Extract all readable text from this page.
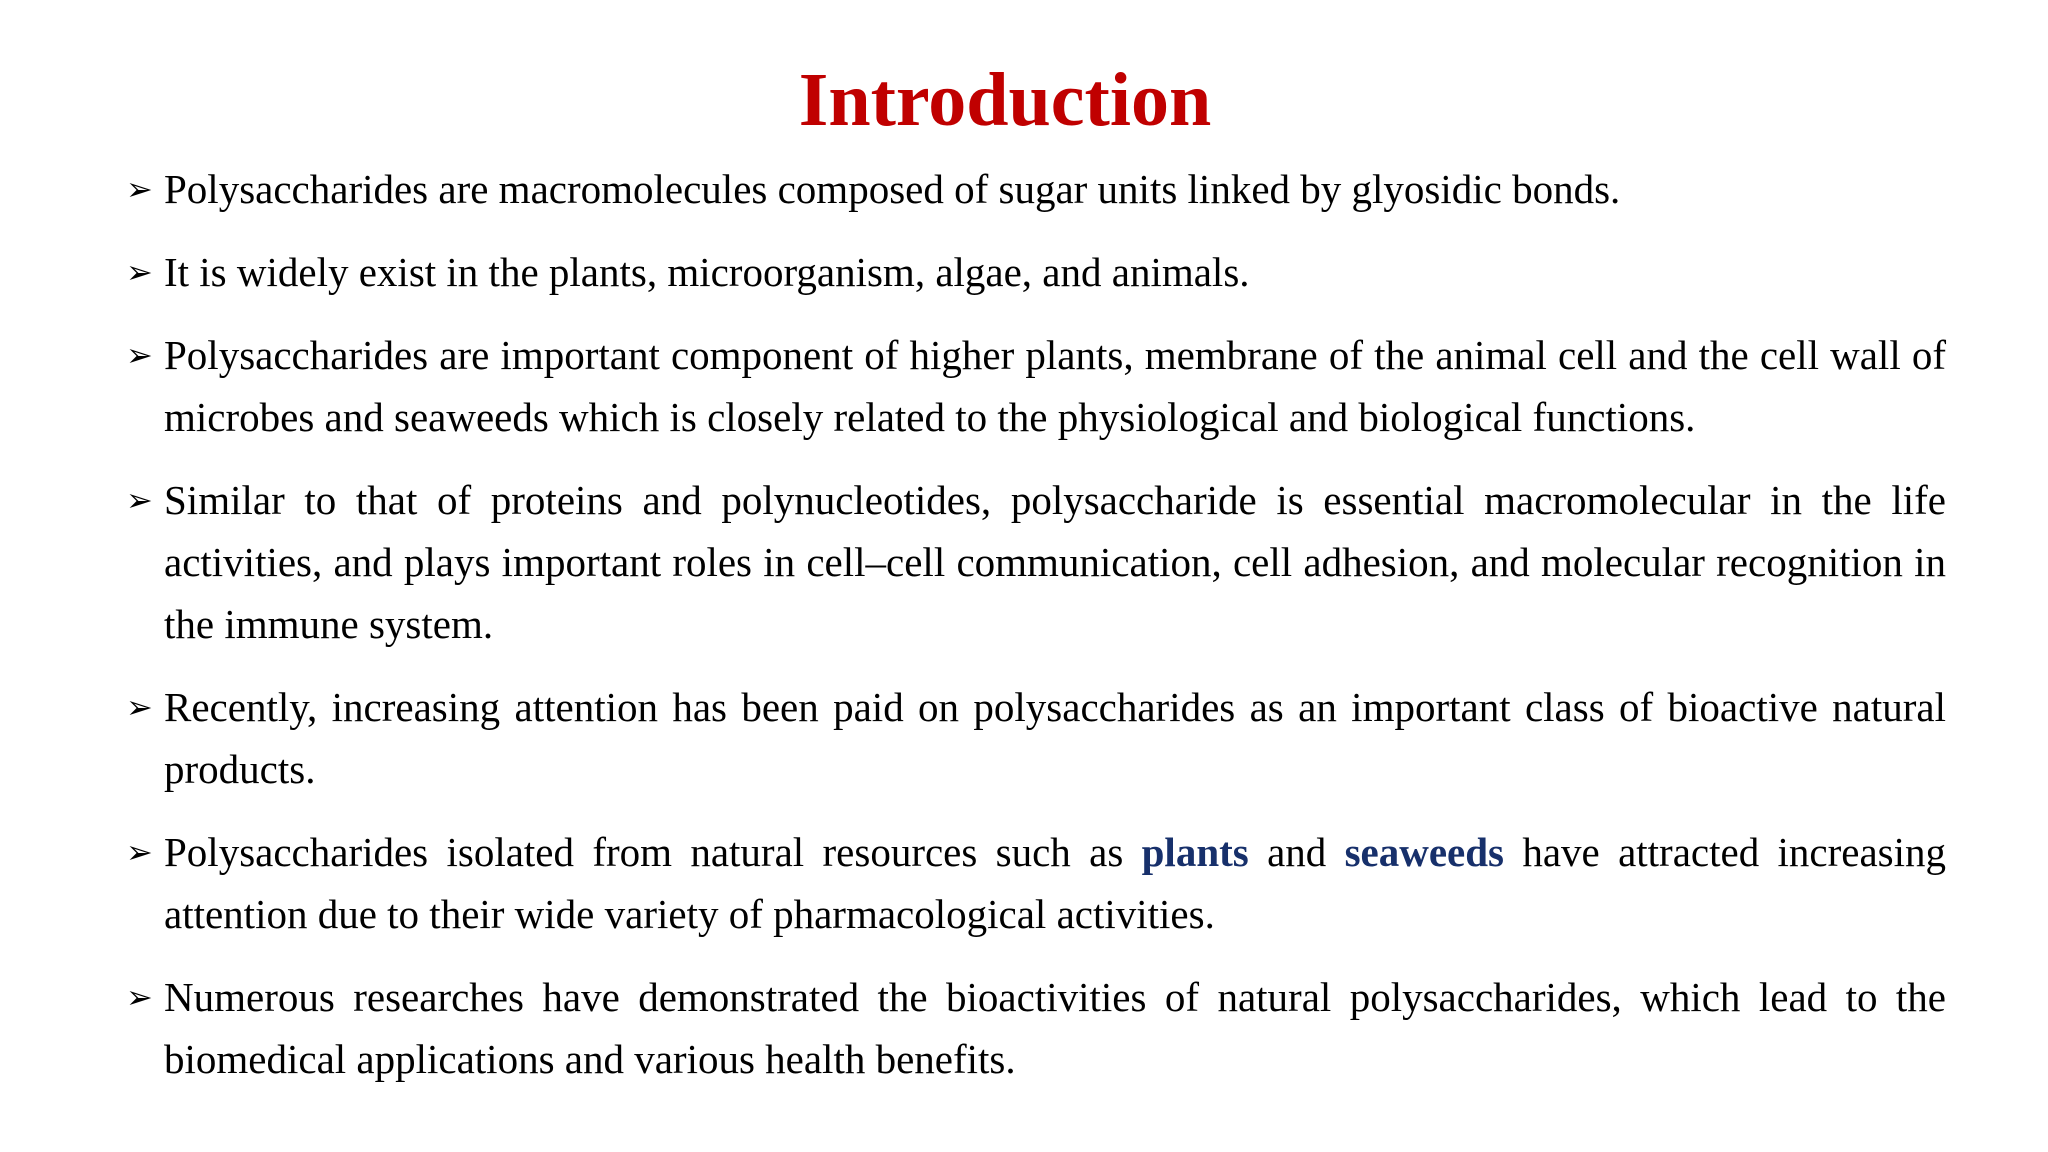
Introduction
➢ Polysaccharides are macromolecules composed of sugar units linked by glyosidic bonds.
➢ It is widely exist in the plants, microorganism, algae, and animals.
➢ Polysaccharides are important component of higher plants, membrane of the animal cell and the cell wall of microbes and seaweeds which is closely related to the physiological and biological functions.
➢ Similar to that of proteins and polynucleotides, polysaccharide is essential macromolecular in the life activities, and plays important roles in cell–cell communication, cell adhesion, and molecular recognition in the immune system.
➢ Recently, increasing attention has been paid on polysaccharides as an important class of bioactive natural products.
➢ Polysaccharides isolated from natural resources such as plants and seaweeds have attracted increasing attention due to their wide variety of pharmacological activities.
➢ Numerous researches have demonstrated the bioactivities of natural polysaccharides, which lead to the biomedical applications and various health benefits.
